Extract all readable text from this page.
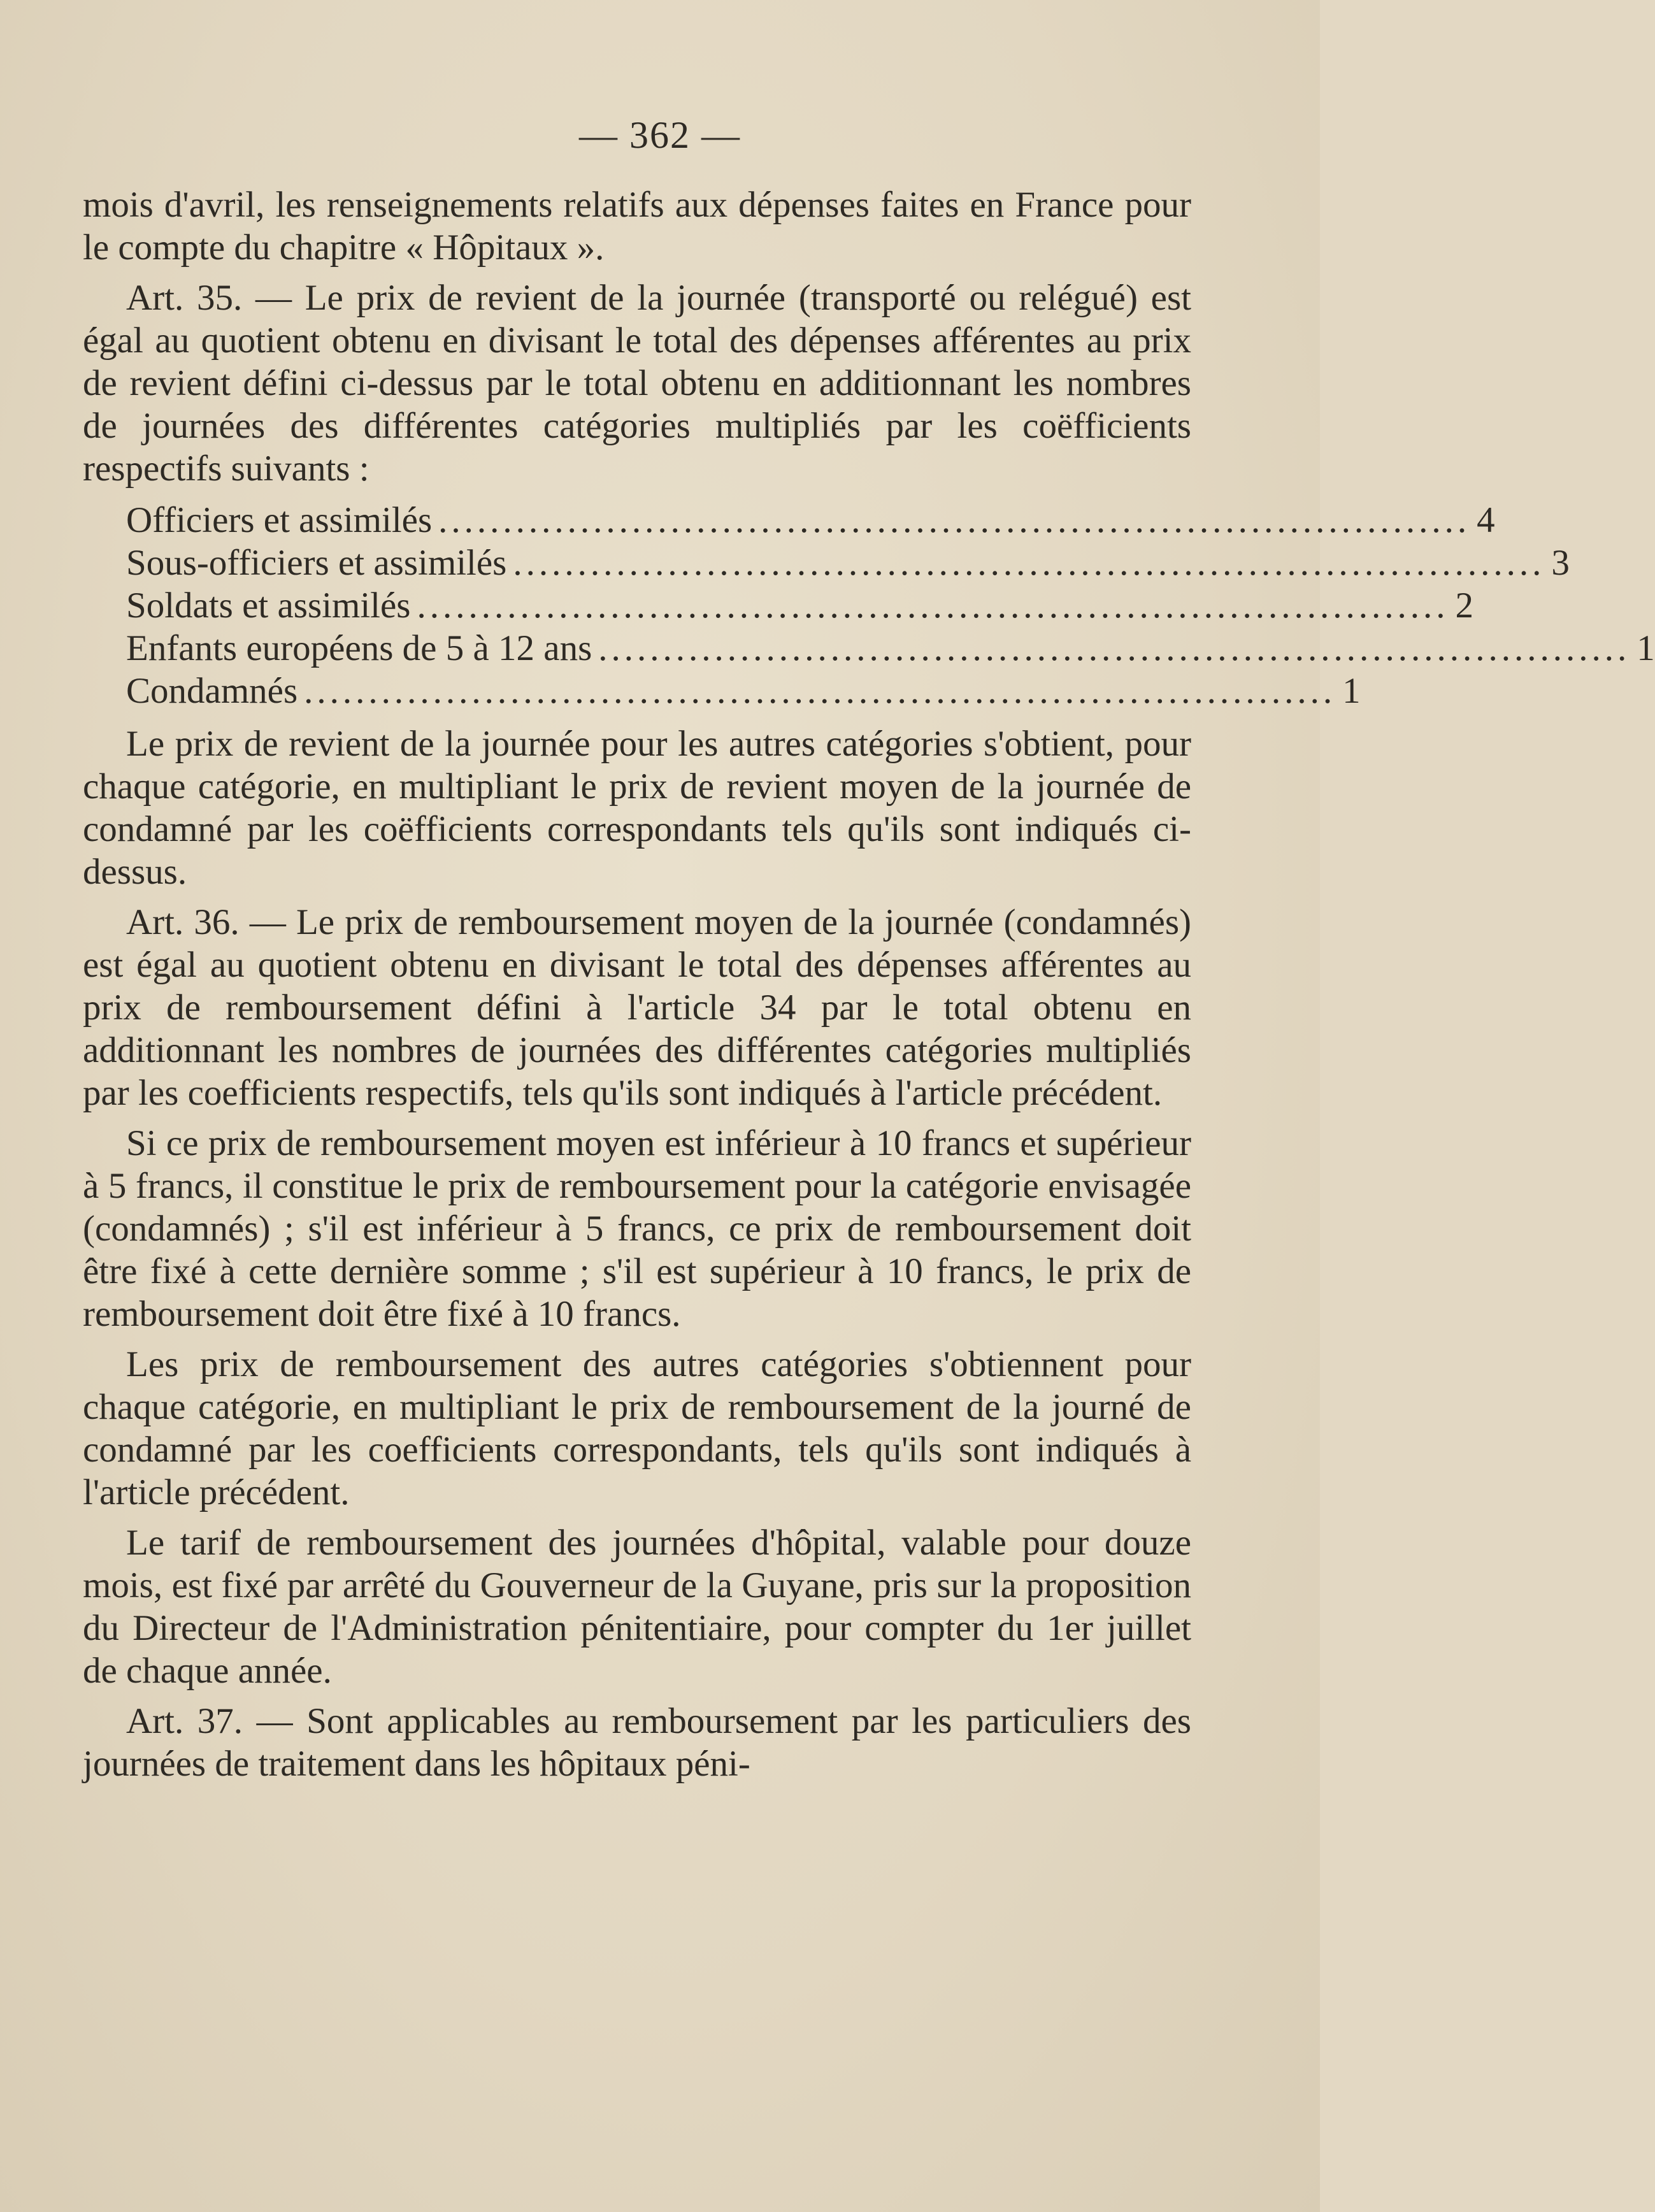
— 362 —

mois d'avril, les renseignements relatifs aux dépenses faites en France pour le compte du chapitre « Hôpitaux ».

Art. 35. — Le prix de revient de la journée (transporté ou relégué) est égal au quotient obtenu en divisant le total des dépenses afférentes au prix de revient défini ci-dessus par le total obtenu en additionnant les nombres de journées des différentes catégories multipliés par les coëfficients respectifs suivants :

Officiers et assimilés ................................................................................ 4
Sous-officiers et assimilés ................................................................................ 3
Soldats et assimilés ................................................................................ 2
Enfants européens de 5 à 12 ans ................................................................................ 1
Condamnés ................................................................................ 1

Le prix de revient de la journée pour les autres catégories s'obtient, pour chaque catégorie, en multipliant le prix de revient moyen de la journée de condamné par les coëfficients correspondants tels qu'ils sont indiqués ci-dessus.

Art. 36. — Le prix de remboursement moyen de la journée (condamnés) est égal au quotient obtenu en divisant le total des dépenses afférentes au prix de remboursement défini à l'article 34 par le total obtenu en additionnant les nombres de journées des différentes catégories multipliés par les coefficients respectifs, tels qu'ils sont indiqués à l'article précédent.

Si ce prix de remboursement moyen est inférieur à 10 francs et supérieur à 5 francs, il constitue le prix de remboursement pour la catégorie envisagée (condamnés) ; s'il est inférieur à 5 francs, ce prix de remboursement doit être fixé à cette dernière somme ; s'il est supérieur à 10 francs, le prix de remboursement doit être fixé à 10 francs.

Les prix de remboursement des autres catégories s'obtiennent pour chaque catégorie, en multipliant le prix de remboursement de la journé de condamné par les coefficients correspondants, tels qu'ils sont indiqués à l'article précédent.

Le tarif de remboursement des journées d'hôpital, valable pour douze mois, est fixé par arrêté du Gouverneur de la Guyane, pris sur la proposition du Directeur de l'Administration pénitentiaire, pour compter du 1er juillet de chaque année.

Art. 37. — Sont applicables au remboursement par les particuliers des journées de traitement dans les hôpitaux péni-
